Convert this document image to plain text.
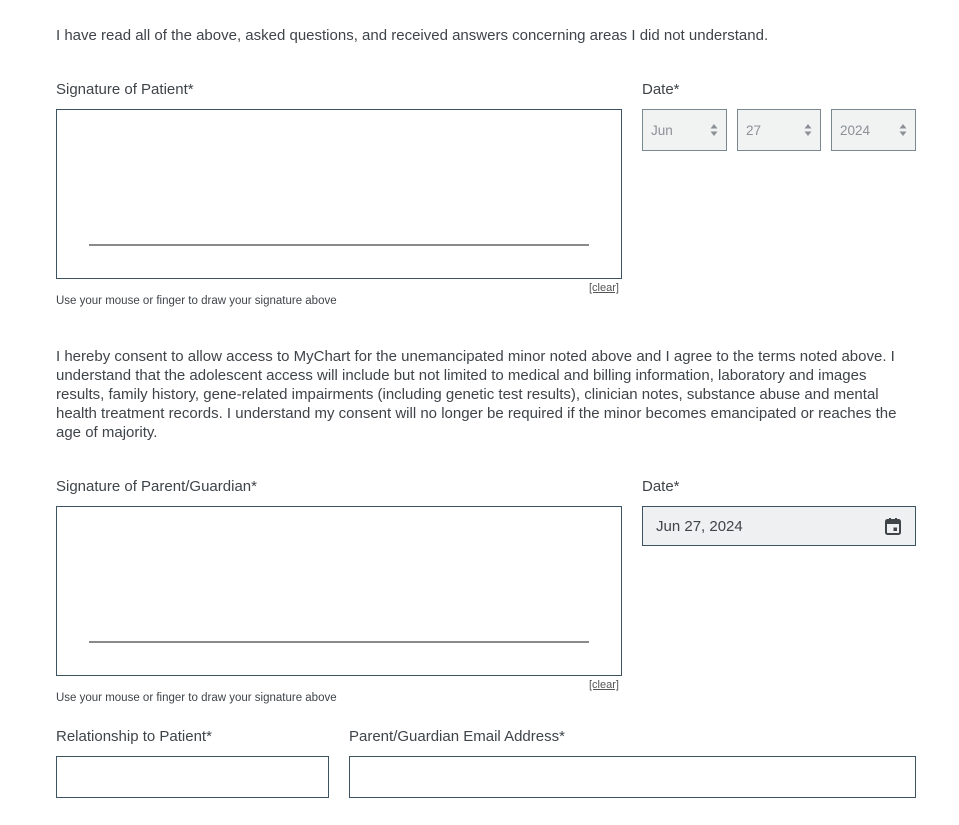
I have read all of the above, asked questions, and received answers concerning areas I did not understand.
Signature of Patient*
[clear]
Use your mouse or finger to draw your signature above
Date*
Jun	27	2024
I hereby consent to allow access to MyChart for the unemancipated minor noted above and I agree to the terms noted above. I understand that the adolescent access will include but not limited to medical and billing information, laboratory and images results, family history, gene-related impairments (including genetic test results), clinician notes, substance abuse and mental health treatment records. I understand my consent will no longer be required if the minor becomes emancipated or reaches the age of majority.
Signature of Parent/Guardian*
[clear]
Use your mouse or finger to draw your signature above
Date*
Jun 27, 2024
Relationship to Patient*	Parent/Guardian Email Address*
